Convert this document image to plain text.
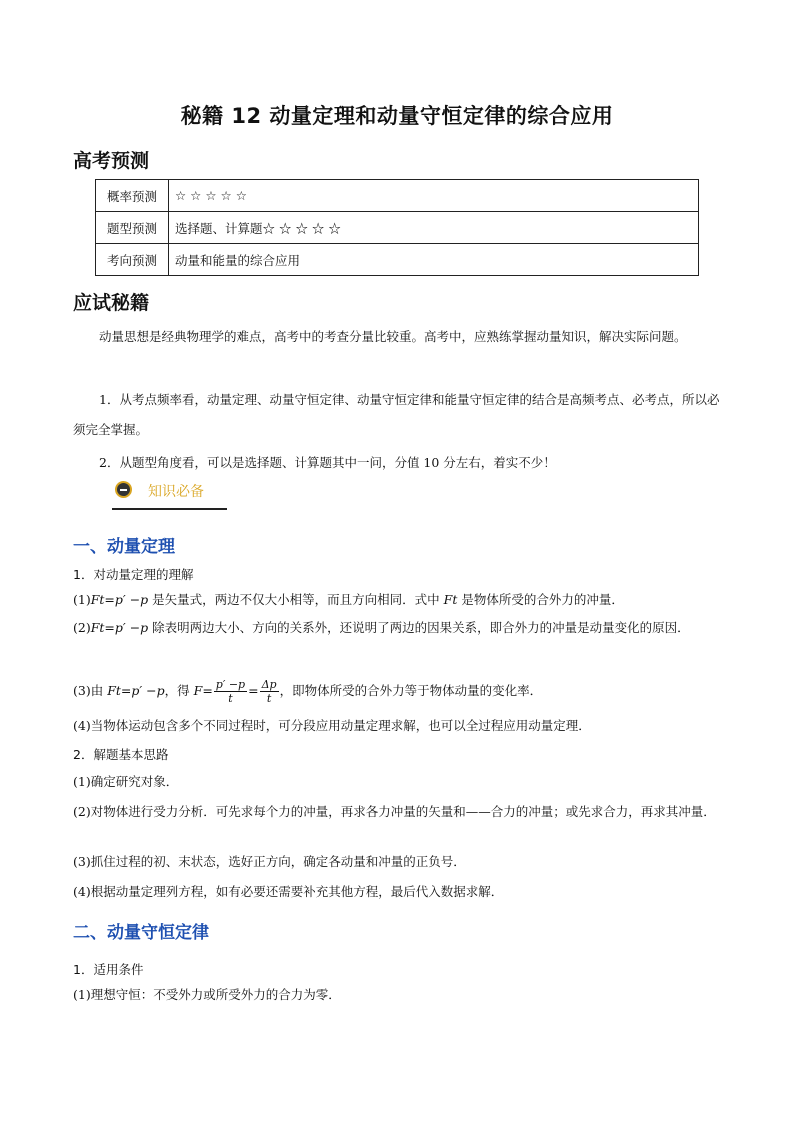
秘籍 12 动量定理和动量守恒定律的综合应用
高考预测
概率预测	☆ ☆ ☆ ☆ ☆
题型预测	选择题、计算题☆ ☆ ☆ ☆ ☆
考向预测	动量和能量的综合应用
应试秘籍
动量思想是经典物理学的难点，高考中的考查分量比较重。高考中，应熟练掌握动量知识，解决实际问题。
1．从考点频率看，动量定理、动量守恒定律、动量守恒定律和能量守恒定律的结合是高频考点、必考点，所以必须完全掌握。
2．从题型角度看，可以是选择题、计算题其中一问，分值 10 分左右，着实不少！
知识必备
一、动量定理
1．对动量定理的理解
(1)Ft=p′ −p 是矢量式，两边不仅大小相等，而且方向相同．式中 Ft 是物体所受的合外力的冲量．
(2)Ft=p′ −p 除表明两边大小、方向的关系外，还说明了两边的因果关系，即合外力的冲量是动量变化的原因．
(3)由 Ft=p′ −p，得 $F= \frac{p' -p}{t} = \frac{\Delta p}{t}$ ，即物体所受的合外力等于物体动量的变化率．
(4)当物体运动包含多个不同过程时，可分段应用动量定理求解，也可以全过程应用动量定理．
2．解题基本思路
(1)确定研究对象．
(2)对物体进行受力分析．可先求每个力的冲量，再求各力冲量的矢量和——合力的冲量；或先求合力，再求其冲量．
(3)抓住过程的初、末状态，选好正方向，确定各动量和冲量的正负号．
(4)根据动量定理列方程，如有必要还需要补充其他方程，最后代入数据求解．
二、动量守恒定律
1．适用条件
(1)理想守恒：不受外力或所受外力的合力为零．
